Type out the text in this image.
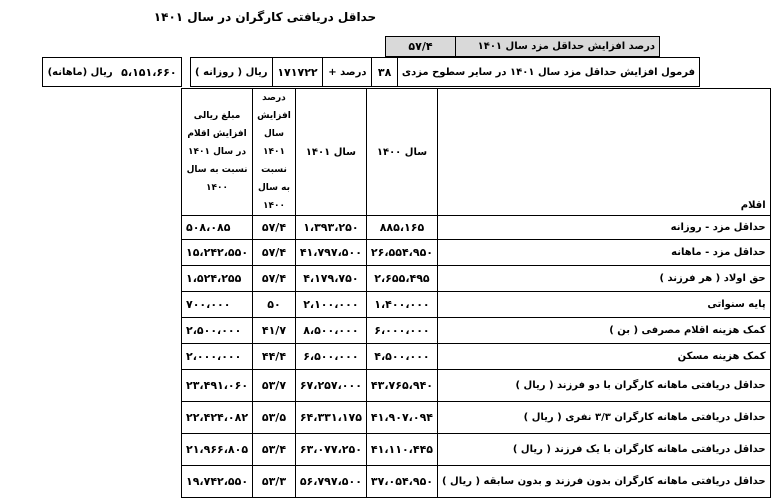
حداقل دریافتی کارگران در سال ۱۴۰۱
درصد افزایش حداقل مزد سال ۱۴۰۱	۵۷/۴
فرمول افزایش حداقل مزد سال ۱۴۰۱ در سایر سطوح مزدی	۳۸	درصد +	۱۷۱۷۲۲	ریال ( روزانه )		۵،۱۵۱،۶۶۰	ریال (ماهانه)
اقلام	سال ۱۴۰۰	سال ۱۴۰۱	درصد افزایش سال ۱۴۰۱ نسبت به سال ۱۴۰۰	مبلغ ریالی افزایش اقلام در سال ۱۴۰۱ نسبت به سال ۱۴۰۰
حداقل مزد - روزانه	۸۸۵،۱۶۵	۱،۳۹۳،۲۵۰	۵۷/۴	۵۰۸،۰۸۵
حداقل مزد - ماهانه	۲۶،۵۵۴،۹۵۰	۴۱،۷۹۷،۵۰۰	۵۷/۴	۱۵،۲۴۲،۵۵۰
حق اولاد ( هر فرزند )	۲،۶۵۵،۴۹۵	۴،۱۷۹،۷۵۰	۵۷/۴	۱،۵۲۴،۲۵۵
پایه سنواتی	۱،۴۰۰،۰۰۰	۲،۱۰۰،۰۰۰	۵۰	۷۰۰،۰۰۰
کمک هزینه اقلام مصرفی ( بن )	۶،۰۰۰،۰۰۰	۸،۵۰۰،۰۰۰	۴۱/۷	۲،۵۰۰،۰۰۰
کمک هزینه مسکن	۴،۵۰۰،۰۰۰	۶،۵۰۰،۰۰۰	۴۴/۴	۲،۰۰۰،۰۰۰
حداقل دریافتی ماهانه کارگران با دو فرزند ( ریال )	۴۳،۷۶۵،۹۴۰	۶۷،۲۵۷،۰۰۰	۵۳/۷	۲۳،۴۹۱،۰۶۰
حداقل دریافتی ماهانه کارگران ۳/۳ نفری ( ریال )	۴۱،۹۰۷،۰۹۴	۶۴،۳۳۱،۱۷۵	۵۳/۵	۲۲،۴۲۴،۰۸۲
حداقل دریافتی ماهانه کارگران با یک فرزند ( ریال )	۴۱،۱۱۰،۴۴۵	۶۳،۰۷۷،۲۵۰	۵۳/۴	۲۱،۹۶۶،۸۰۵
حداقل دریافتی ماهانه کارگران بدون فرزند و بدون سابقه ( ریال )	۳۷،۰۵۴،۹۵۰	۵۶،۷۹۷،۵۰۰	۵۳/۳	۱۹،۷۴۲،۵۵۰
